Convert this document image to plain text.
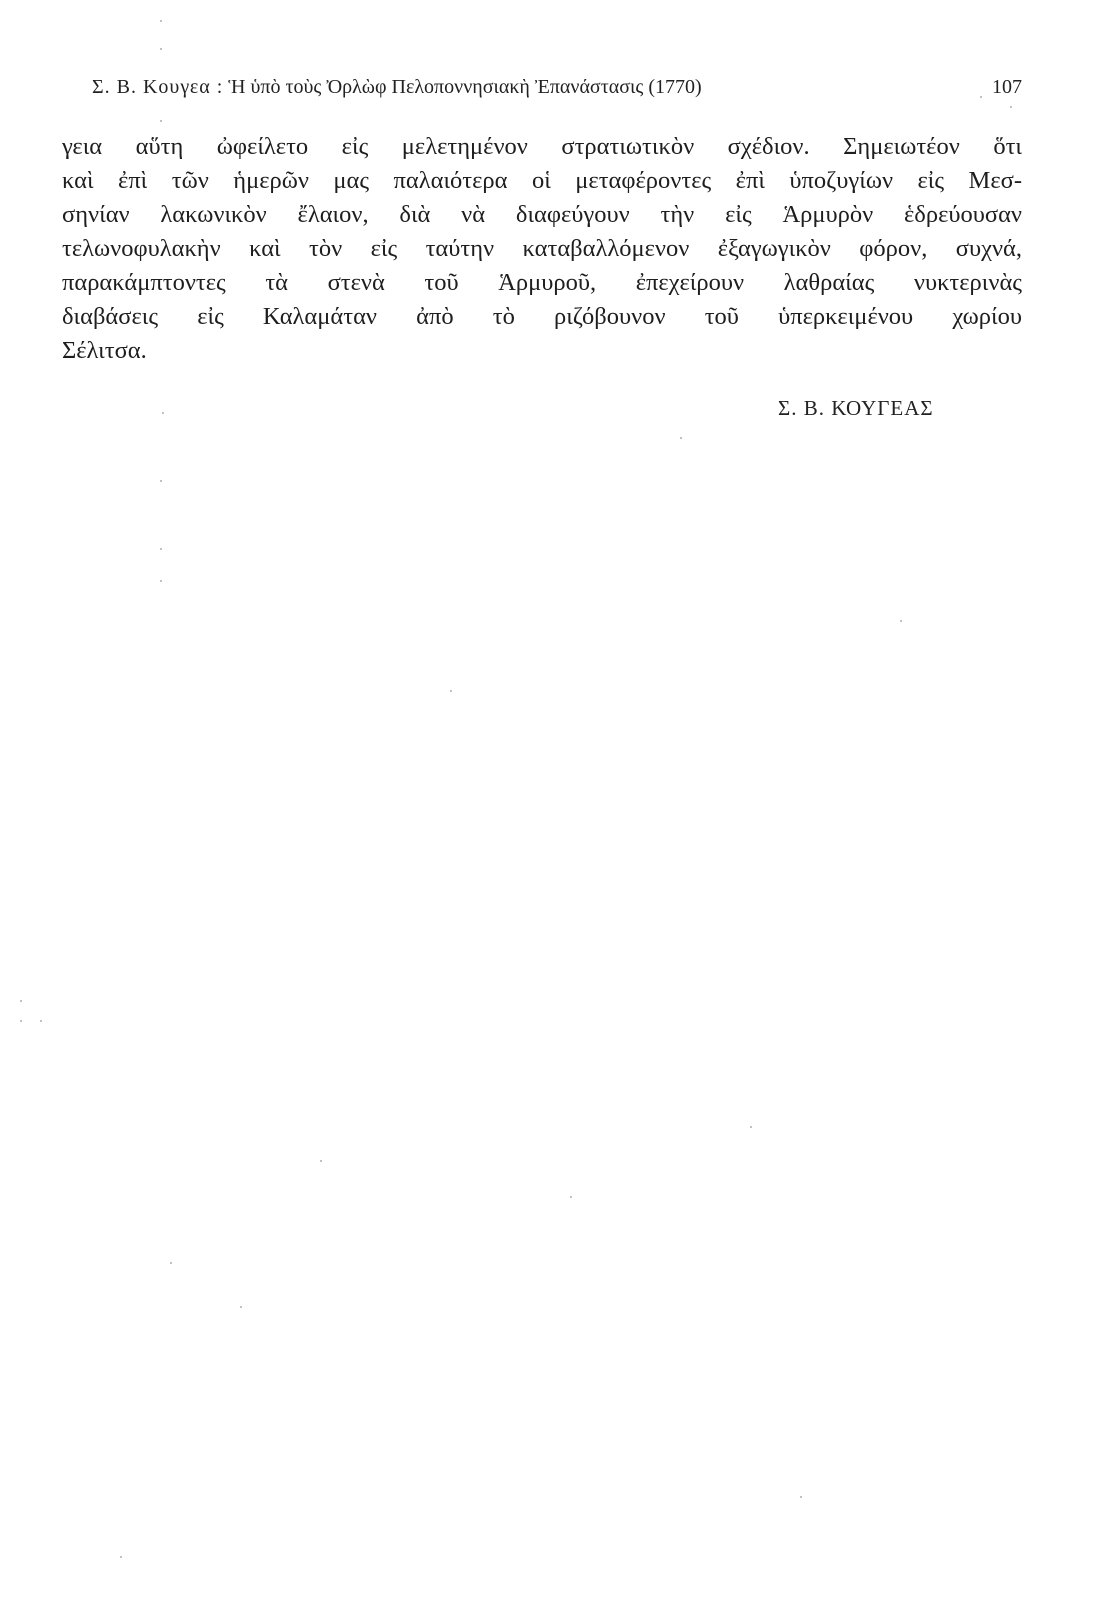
Σ. Β. Κουγεα : Ἡ ὑπὸ τοὺς Ὀρλὼφ Πελοποννησιακὴ Ἐπανάστασις (1770)	107
γεια αὕτη ὠφείλετο εἰς μελετημένον στρατιωτικὸν σχέδιον. Σημειωτέον ὅτι
καὶ ἐπὶ τῶν ἡμερῶν μας παλαιότερα οἱ μεταφέροντες ἐπὶ ὑποζυγίων εἰς Μεσ-
σηνίαν λακωνικὸν ἔλαιον, διὰ νὰ διαφεύγουν τὴν εἰς Ἁρμυρὸν ἑδρεύουσαν
τελωνοφυλακὴν καὶ τὸν εἰς ταύτην καταβαλλόμενον ἐξαγωγικὸν φόρον, συχνά,
παρακάμπτοντες τὰ στενὰ τοῦ Ἁρμυροῦ, ἐπεχείρουν λαθραίας νυκτερινὰς
διαβάσεις εἰς Καλαμάταν ἀπὸ τὸ ριζόβουνον τοῦ ὑπερκειμένου χωρίου
Σέλιτσα.
Σ. Β. ΚΟΥΓΕΑΣ
